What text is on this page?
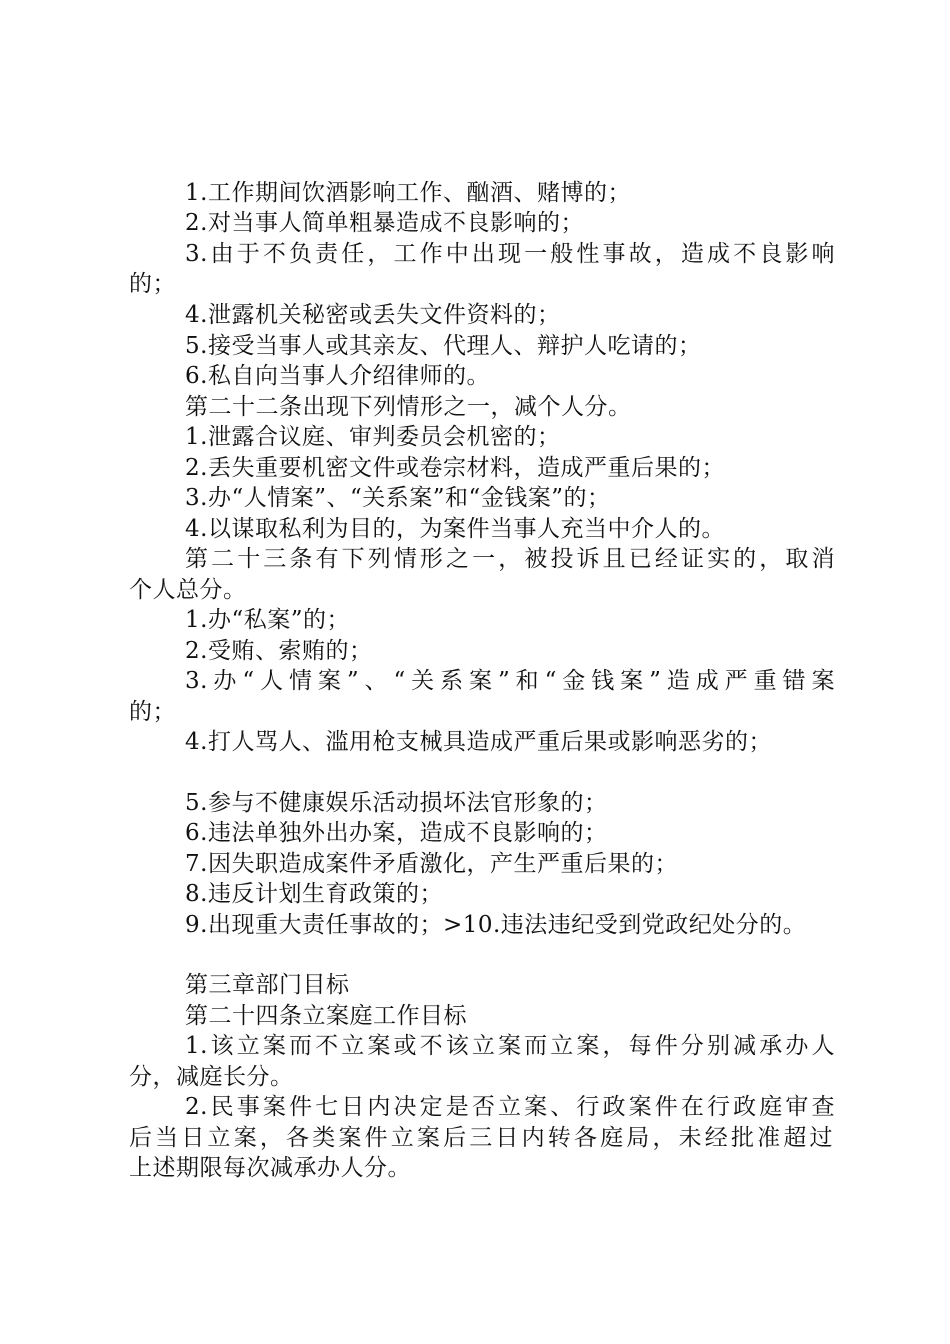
1.工作期间饮酒影响工作、酗酒、赌博的；
2.对当事人简单粗暴造成不良影响的；
3.由于不负责任，工作中出现一般性事故，造成不良影响
的；
4.泄露机关秘密或丢失文件资料的；
5.接受当事人或其亲友、代理人、辩护人吃请的；
6.私自向当事人介绍律师的。
第二十二条出现下列情形之一，减个人分。
1.泄露合议庭、审判委员会机密的；
2.丢失重要机密文件或卷宗材料，造成严重后果的；
3.办“人情案”、“关系案”和“金钱案”的；
4.以谋取私利为目的，为案件当事人充当中介人的。
第二十三条有下列情形之一，被投诉且已经证实的，取消
个人总分。
1.办“私案”的；
2.受贿、索贿的；
3.办“人情案”、“关系案”和“金钱案”造成严重错案
的；
4.打人骂人、滥用枪支械具造成严重后果或影响恶劣的；
5.参与不健康娱乐活动损坏法官形象的；
6.违法单独外出办案，造成不良影响的；
7.因失职造成案件矛盾激化，产生严重后果的；
8.违反计划生育政策的；
9.出现重大责任事故的；>10.违法违纪受到党政纪处分的。
第三章部门目标
第二十四条立案庭工作目标
1.该立案而不立案或不该立案而立案，每件分别减承办人
分，减庭长分。
2.民事案件七日内决定是否立案、行政案件在行政庭审查
后当日立案，各类案件立案后三日内转各庭局，未经批准超过
上述期限每次减承办人分。
